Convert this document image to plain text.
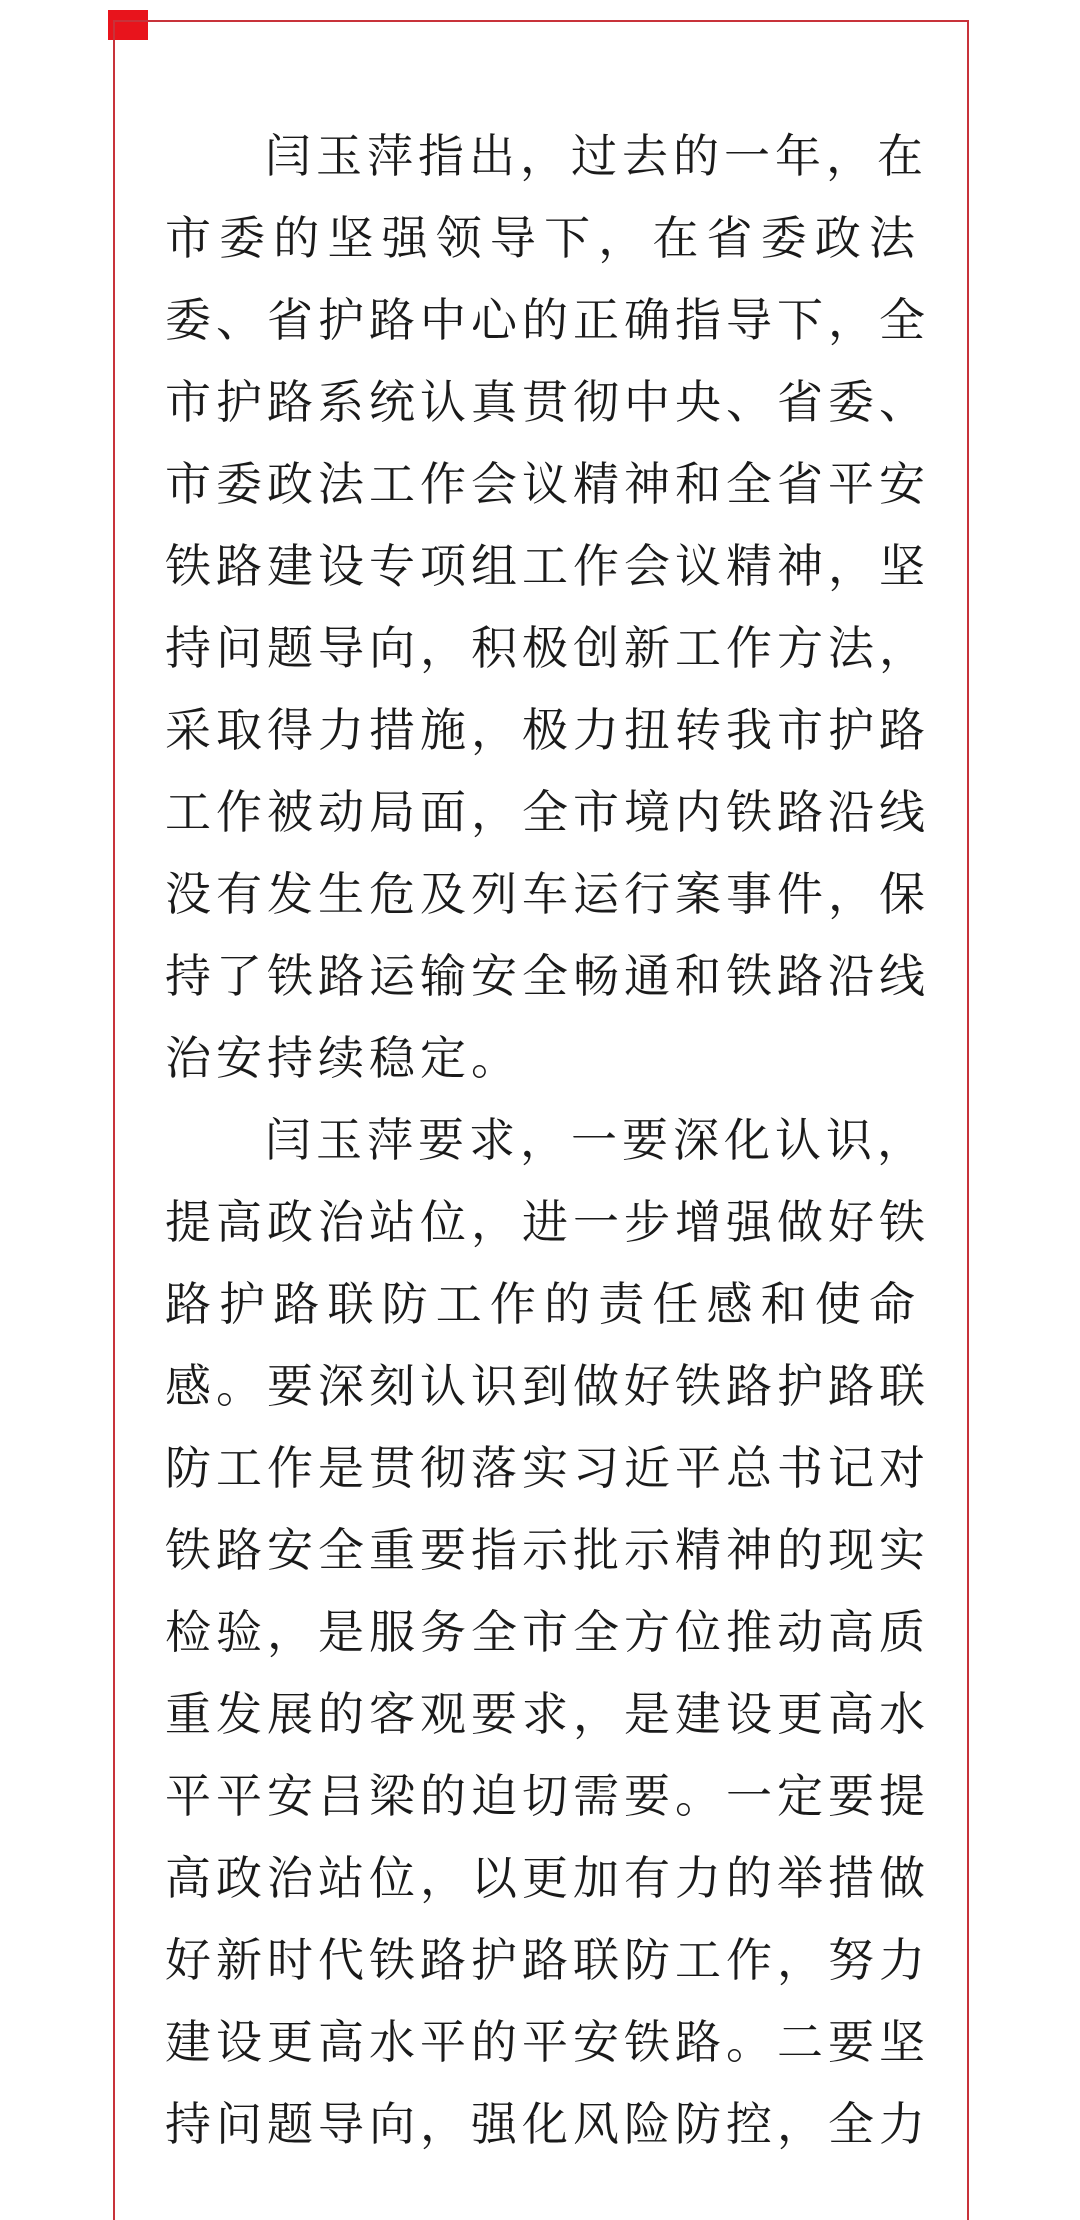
闫玉萍指出，过去的一年，在
市委的坚强领导下，在省委政法
委、省护路中心的正确指导下，全
市护路系统认真贯彻中央、省委、
市委政法工作会议精神和全省平安
铁路建设专项组工作会议精神，坚
持问题导向，积极创新工作方法，
采取得力措施，极力扭转我市护路
工作被动局面，全市境内铁路沿线
没有发生危及列车运行案事件，保
持了铁路运输安全畅通和铁路沿线
治安持续稳定。

闫玉萍要求，一要深化认识，
提高政治站位，进一步增强做好铁
路护路联防工作的责任感和使命
感。要深刻认识到做好铁路护路联
防工作是贯彻落实习近平总书记对
铁路安全重要指示批示精神的现实
检验，是服务全市全方位推动高质
重发展的客观要求，是建设更高水
平平安吕梁的迫切需要。一定要提
高政治站位，以更加有力的举措做
好新时代铁路护路联防工作，努力
建设更高水平的平安铁路。二要坚
持问题导向，强化风险防控，全力
